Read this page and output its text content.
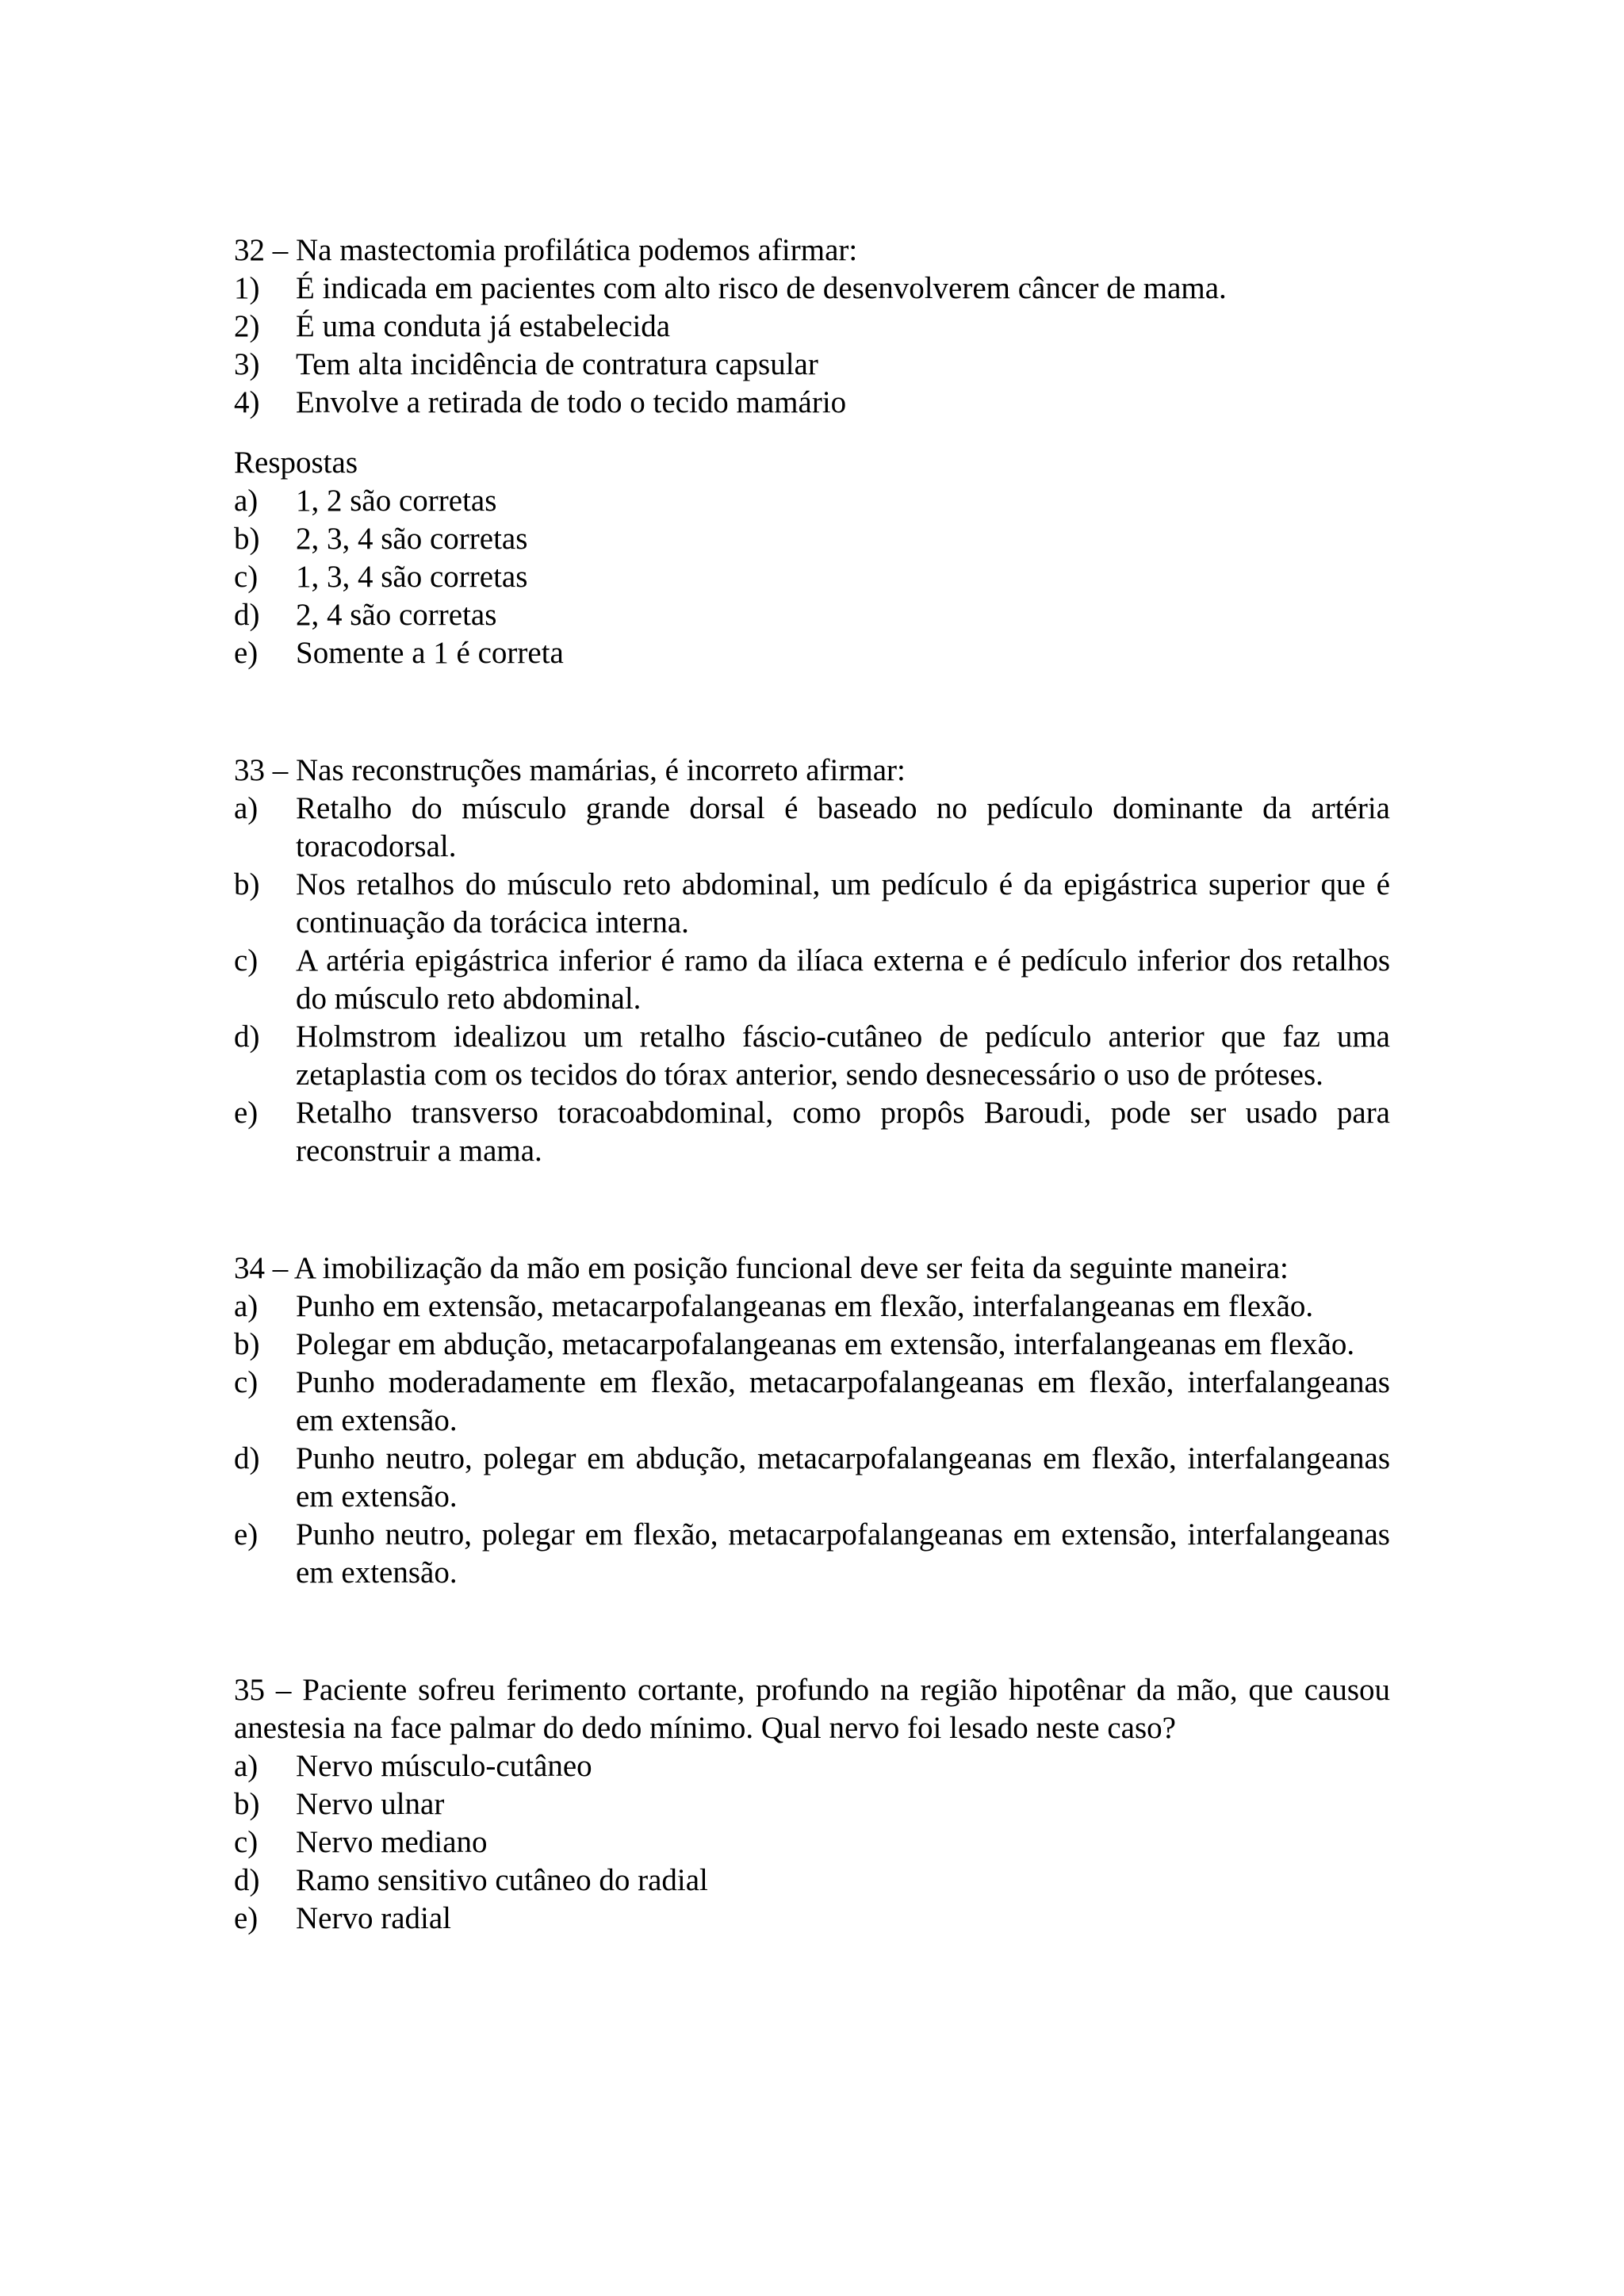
32 – Na mastectomia profilática podemos afirmar:

1)	É indicada em pacientes com alto risco de desenvolverem câncer de mama.
2)	É uma conduta já estabelecida
3)	Tem alta incidência de contratura capsular
4)	Envolve a retirada de todo o tecido mamário

Respostas

a)	1, 2 são corretas
b)	2, 3, 4 são corretas
c)	1, 3, 4 são corretas
d)	2, 4 são corretas
e)	Somente a 1 é correta

33 – Nas reconstruções mamárias, é incorreto afirmar:

a)	Retalho do músculo grande dorsal é baseado no pedículo dominante da artéria toracodorsal.
b)	Nos retalhos do músculo reto abdominal, um pedículo é da epigástrica superior que é continuação da torácica interna.
c)	A artéria epigástrica inferior é ramo da ilíaca externa e é pedículo inferior dos retalhos do músculo reto abdominal.
d)	Holmstrom idealizou um retalho fáscio-cutâneo de pedículo anterior que faz uma zetaplastia com os tecidos do tórax anterior, sendo desnecessário o uso de próteses.
e)	Retalho transverso toracoabdominal, como propôs Baroudi, pode ser usado para reconstruir a mama.

34 – A imobilização da mão em posição funcional deve ser feita da seguinte maneira:

a)	Punho em extensão, metacarpofalangeanas em flexão, interfalangeanas em flexão.
b)	Polegar em abdução, metacarpofalangeanas em extensão, interfalangeanas em flexão.
c)	Punho moderadamente em flexão, metacarpofalangeanas em flexão, interfalangeanas em extensão.
d)	Punho neutro, polegar em abdução, metacarpofalangeanas em flexão, interfalangeanas em extensão.
e)	Punho neutro, polegar em flexão, metacarpofalangeanas em extensão, interfalangeanas em extensão.

35 – Paciente sofreu ferimento cortante, profundo na região hipotênar da mão, que causou anestesia na face palmar do dedo mínimo. Qual nervo foi lesado neste caso?

a)	Nervo músculo-cutâneo
b)	Nervo ulnar
c)	Nervo mediano
d)	Ramo sensitivo cutâneo do radial
e)	Nervo radial
